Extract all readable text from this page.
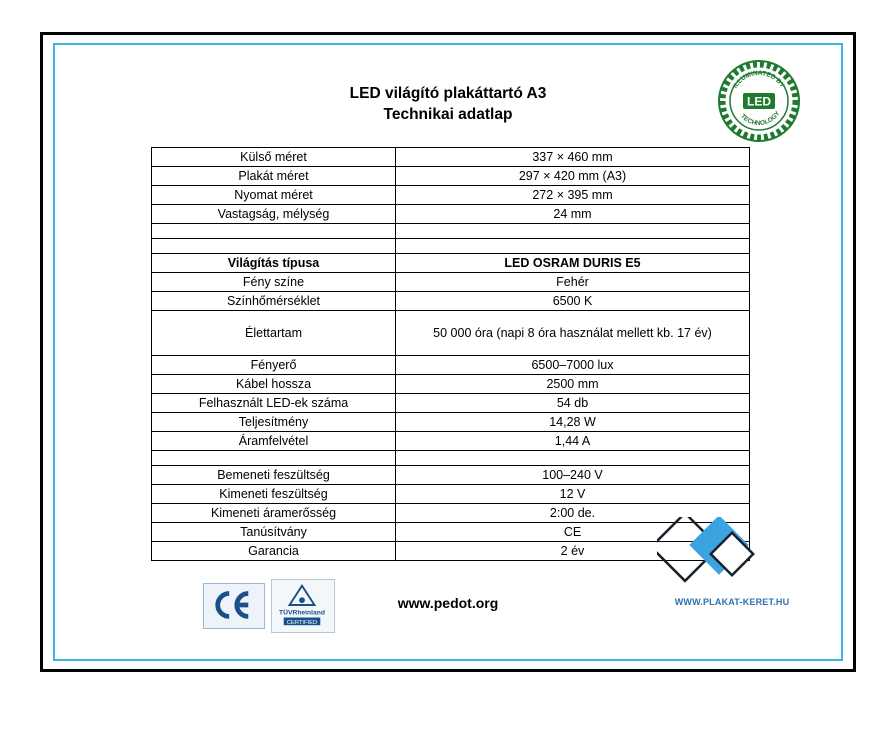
LED világító plakáttartó A3
Technikai adatlap
ILLUMINATED BY
TECHNOLOGY
LED
Külső méret	337 × 460 mm
Plakát méret	297 × 420 mm (A3)
Nyomat méret	272 × 395 mm
Vastagság, mélység	24 mm

Világítás típusa	LED OSRAM DURIS E5
Fény színe	Fehér
Színhőmérséklet	6500 K
Élettartam	50 000 óra (napi 8 óra használat mellett kb. 17 év)
Fényerő	6500–7000 lux
Kábel hossza	2500 mm
Felhasznált LED-ek száma	54 db
Teljesítmény	14,28 W
Áramfelvétel	1,44 A

Bemeneti feszültség	100–240 V
Kimeneti feszültség	12 V
Kimeneti áramerősség	2:00 de.
Tanúsítvány	CE
Garancia	2 év
WWW.PLAKAT-KERET.HU
TÜVRheinland
CERTIFIED
www.pedot.org
